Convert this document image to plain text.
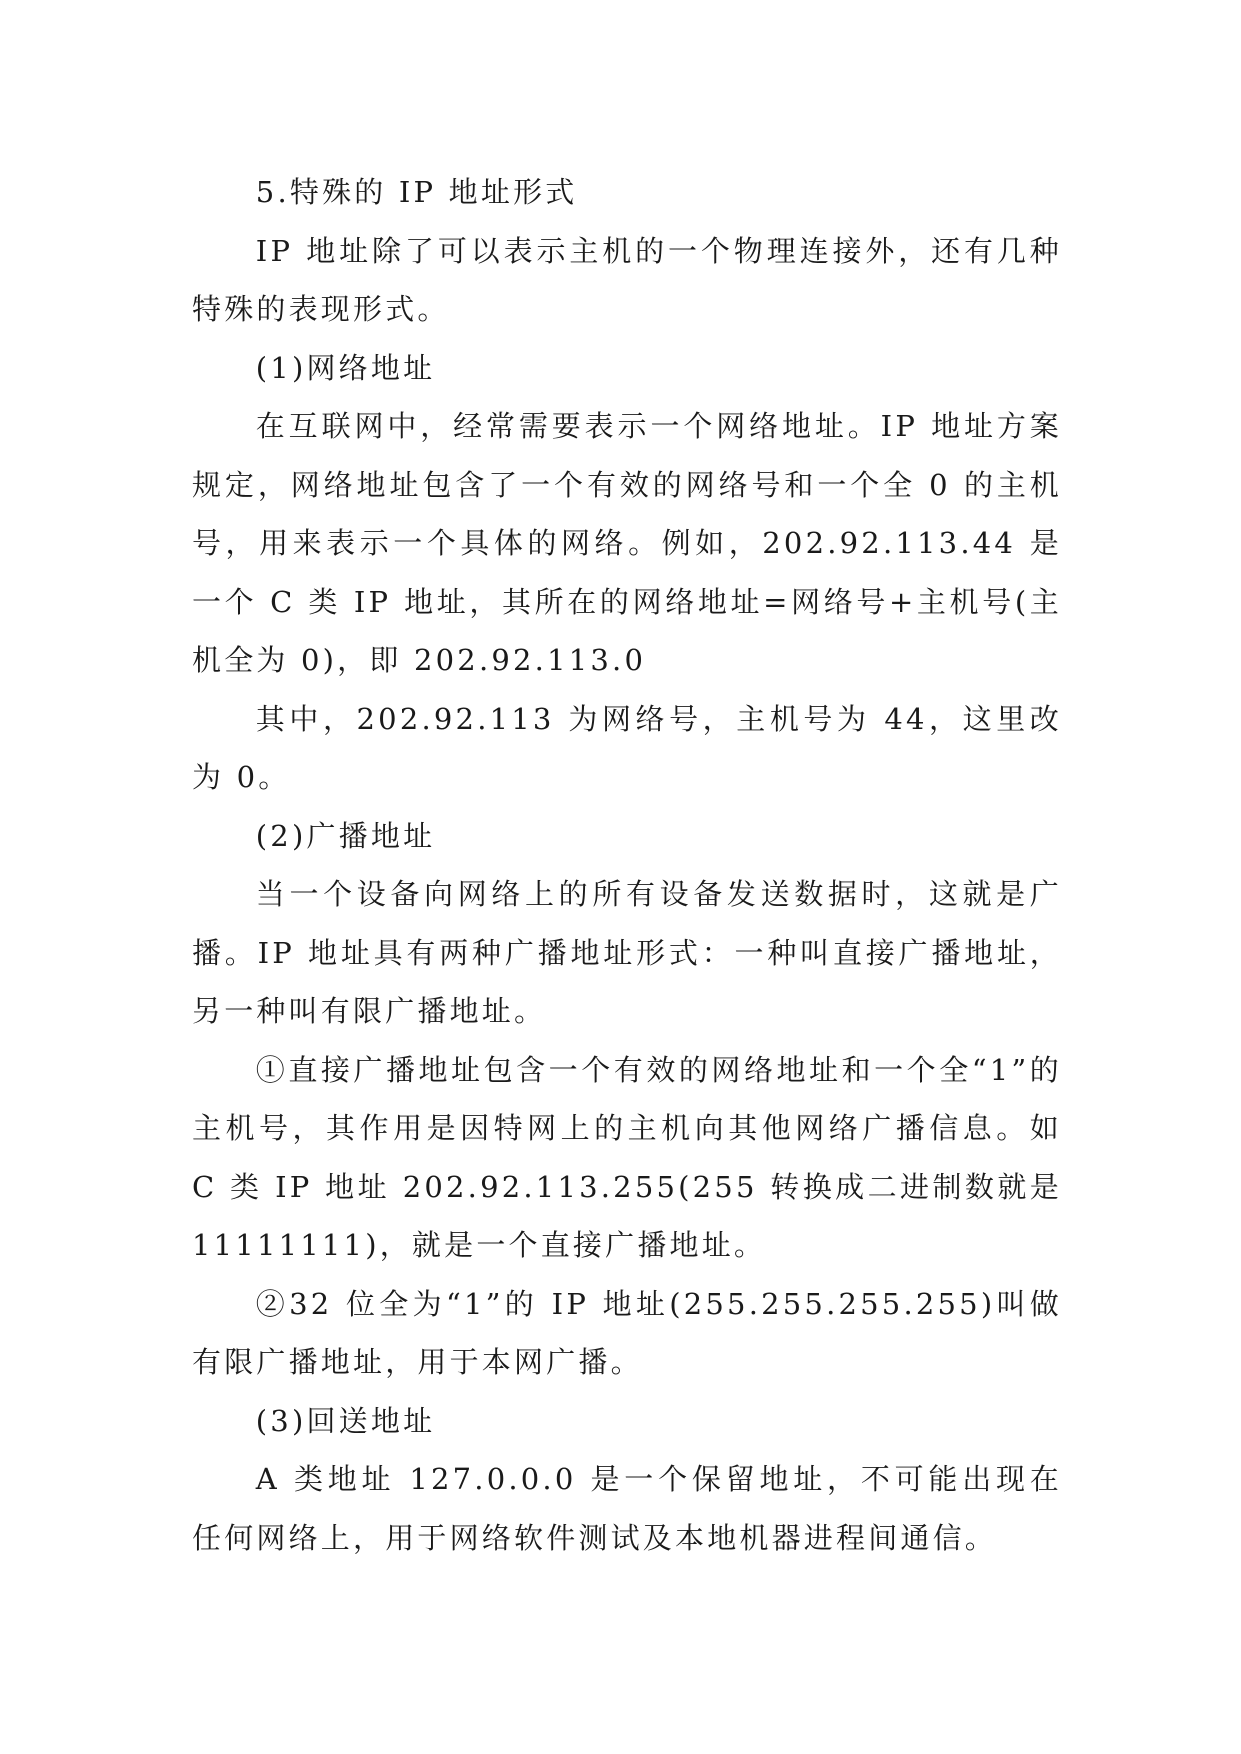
5.特殊的 IP 地址形式

IP 地址除了可以表示主机的一个物理连接外，还有几种特殊的表现形式。

(1)网络地址

在互联网中，经常需要表示一个网络地址。IP 地址方案规定，网络地址包含了一个有效的网络号和一个全 0 的主机号，用来表示一个具体的网络。例如，202.92.113.44 是一个 C 类 IP 地址，其所在的网络地址=网络号+主机号(主机全为 0)，即 202.92.113.0

其中，202.92.113 为网络号，主机号为 44，这里改为 0。

(2)广播地址

当一个设备向网络上的所有设备发送数据时，这就是广播。IP 地址具有两种广播地址形式：一种叫直接广播地址，另一种叫有限广播地址。

①直接广播地址包含一个有效的网络地址和一个全“1”的主机号，其作用是因特网上的主机向其他网络广播信息。如 C 类 IP 地址 202.92.113.255(255 转换成二进制数就是 11111111)，就是一个直接广播地址。

②32 位全为“1”的 IP 地址(255.255.255.255)叫做有限广播地址，用于本网广播。

(3)回送地址

A 类地址 127.0.0.0 是一个保留地址，不可能出现在任何网络上，用于网络软件测试及本地机器进程间通信。
